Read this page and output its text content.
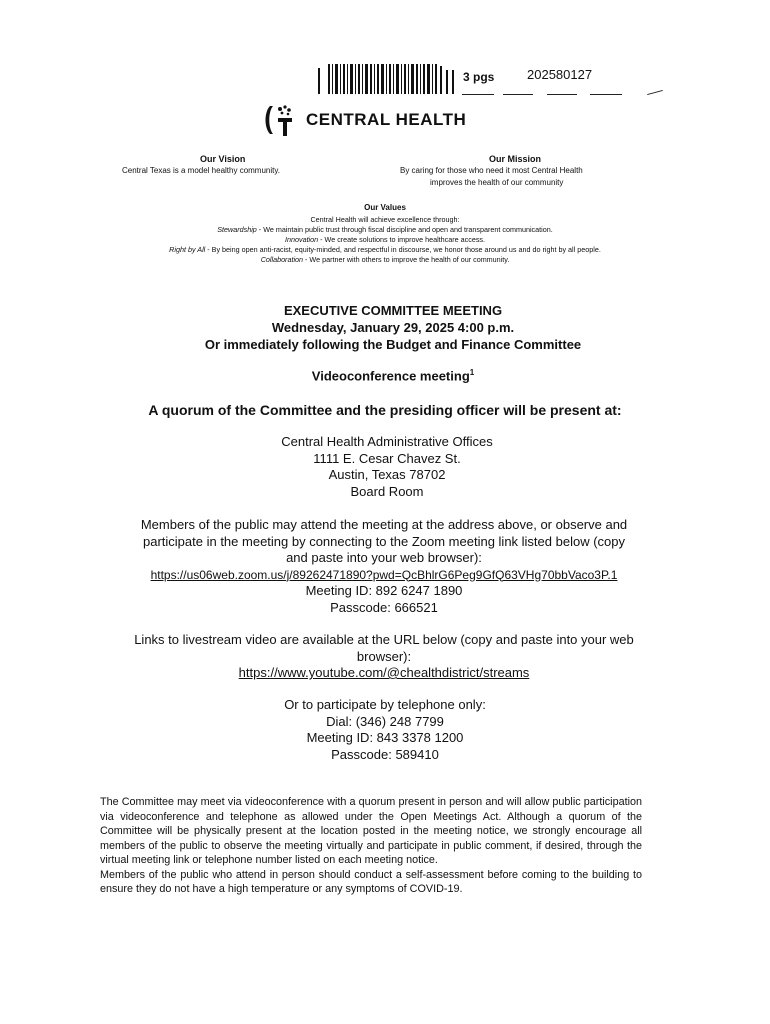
3 pgs	202580127
CENTRAL HEALTH
Our Vision
Central Texas is a model healthy community.
Our Mission
By caring for those who need it most Central Health
improves the health of our community
Our Values
Central Health will achieve excellence through:
Stewardship - We maintain public trust through fiscal discipline and open and transparent communication.
Innovation - We create solutions to improve healthcare access.
Right by All - By being open anti-racist, equity-minded, and respectful in discourse, we honor those around us and do right by all people.
Collaboration - We partner with others to improve the health of our community.
EXECUTIVE COMMITTEE MEETING
Wednesday, January 29, 2025 4:00 p.m.
Or immediately following the Budget and Finance Committee
Videoconference meeting$^1$
A quorum of the Committee and the presiding officer will be present at:
Central Health Administrative Offices
1111 E. Cesar Chavez St.
Austin, Texas 78702
Board Room
Members of the public may attend the meeting at the address above, or observe and
participate in the meeting by connecting to the Zoom meeting link listed below (copy
and paste into your web browser):
https://us06web.zoom.us/j/89262471890?pwd=QcBhlrG6Peg9GfQ63VHg70bbVaco3P.1
Meeting ID: 892 6247 1890
Passcode: 666521
Links to livestream video are available at the URL below (copy and paste into your web
browser):
https://www.youtube.com/@chealthdistrict/streams
Or to participate by telephone only:
Dial: (346) 248 7799
Meeting ID: 843 3378 1200
Passcode: 589410

The Committee may meet via videoconference with a quorum present in person and will allow public participation via videoconference and telephone as allowed under the Open Meetings Act. Although a quorum of the Committee will be physically present at the location posted in the meeting notice, we strongly encourage all members of the public to observe the meeting virtually and participate in public comment, if desired, through the virtual meeting link or telephone number listed on each meeting notice.

Members of the public who attend in person should conduct a self-assessment before coming to the building to ensure they do not have a high temperature or any symptoms of COVID-19.
